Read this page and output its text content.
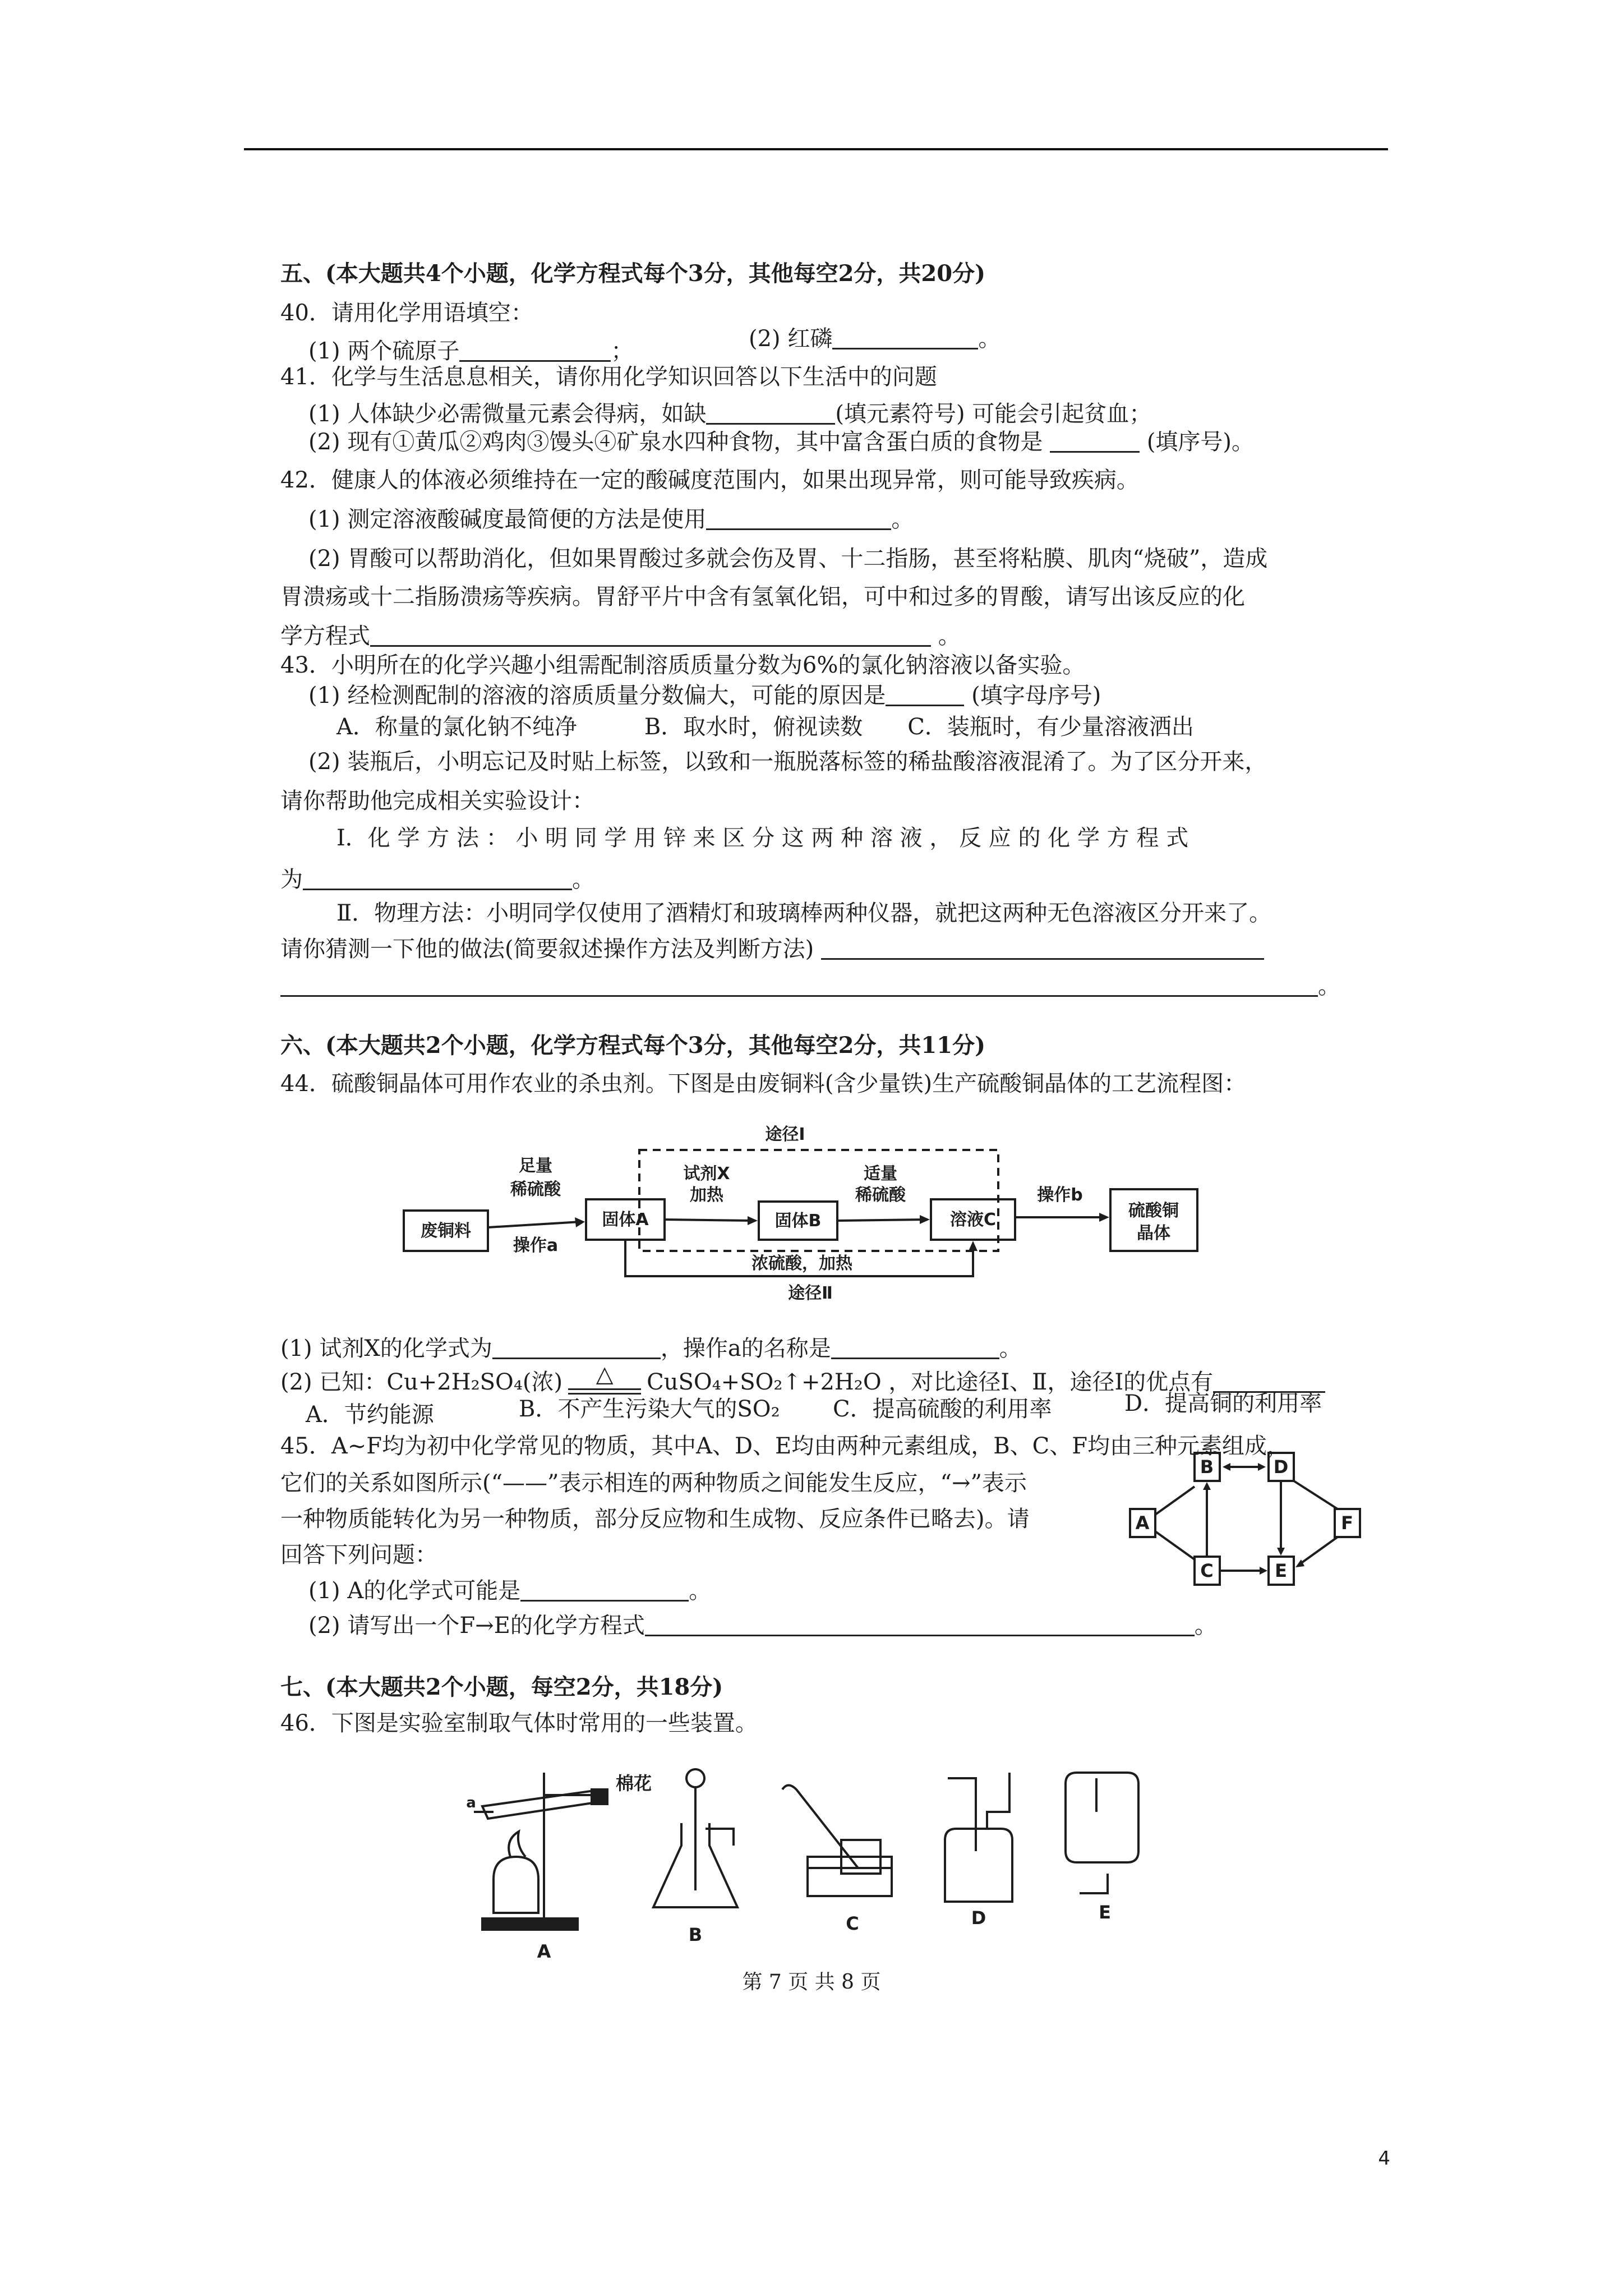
五、(本大题共4个小题，化学方程式每个3分，其他每空2分，共20分)
40．请用化学用语填空：
(1) 两个硫原子	；	(2) 红磷	。
41．化学与生活息息相关，请你用化学知识回答以下生活中的问题
(1) 人体缺少必需微量元素会得病，如缺	(填元素符号) 可能会引起贫血；
(2) 现有①黄瓜②鸡肉③馒头④矿泉水四种食物，其中富含蛋白质的食物是	(填序号)。
42．健康人的体液必须维持在一定的酸碱度范围内，如果出现异常，则可能导致疾病。
(1) 测定溶液酸碱度最简便的方法是使用	。
(2) 胃酸可以帮助消化，但如果胃酸过多就会伤及胃、十二指肠，甚至将粘膜、肌肉“烧破”，造成
胃溃疡或十二指肠溃疡等疾病。胃舒平片中含有氢氧化铝，可中和过多的胃酸，请写出该反应的化
学方程式	。
43．小明所在的化学兴趣小组需配制溶质质量分数为6%的氯化钠溶液以备实验。
(1) 经检测配制的溶液的溶质质量分数偏大，可能的原因是	(填字母序号)
A．称量的氯化钠不纯净　　　B．取水时，俯视读数　　C．装瓶时，有少量溶液洒出
(2) 装瓶后，小明忘记及时贴上标签，以致和一瓶脱落标签的稀盐酸溶液混淆了。为了区分开来，
请你帮助他完成相关实验设计：
Ⅰ．化 学 方 法 ： 小 明 同 学 用 锌 来 区 分 这 两 种 溶 液 ， 反 应 的 化 学 方 程 式
为	。
Ⅱ．物理方法：小明同学仅使用了酒精灯和玻璃棒两种仪器，就把这两种无色溶液区分开来了。
请你猜测一下他的做法(简要叙述操作方法及判断方法)
。
六、(本大题共2个小题，化学方程式每个3分，其他每空2分，共11分)
44．硫酸铜晶体可用作农业的杀虫剂。下图是由废铜料(含少量铁)生产硫酸铜晶体的工艺流程图：
途径Ⅰ
途径Ⅱ
废铜料
固体A	固体B	溶液C	硫酸铜
晶体
足量
稀硫酸
操作a
试剂X
加热
适量
稀硫酸	操作b
浓硫酸，加热
(1) 试剂X的化学式为	，操作a的名称是	。
(2) 已知：Cu+2H₂SO₄(浓) △ CuSO₄+SO₂↑+2H₂O ，对比途径Ⅰ、Ⅱ，途径Ⅰ的优点有
A．节约能源	B．不产生污染大气的SO₂ C．提高硫酸的利用率	D．提高铜的利用率
45．A~F均为初中化学常见的物质，其中A、D、E均由两种元素组成，B、C、F均由三种元素组成，
它们的关系如图所示(“——”表示相连的两种物质之间能发生反应，“→”表示
一种物质能转化为另一种物质，部分反应物和生成物、反应条件已略去)。请
回答下列问题：
(1) A的化学式可能是	。
(2) 请写出一个F→E的化学方程式	。
B	D
A	F
C	E
七、(本大题共2个小题，每空2分，共18分)
46．下图是实验室制取气体时常用的一些装置。
a
棉花
A
B
C	D	E
第 7 页 共 8 页
4
